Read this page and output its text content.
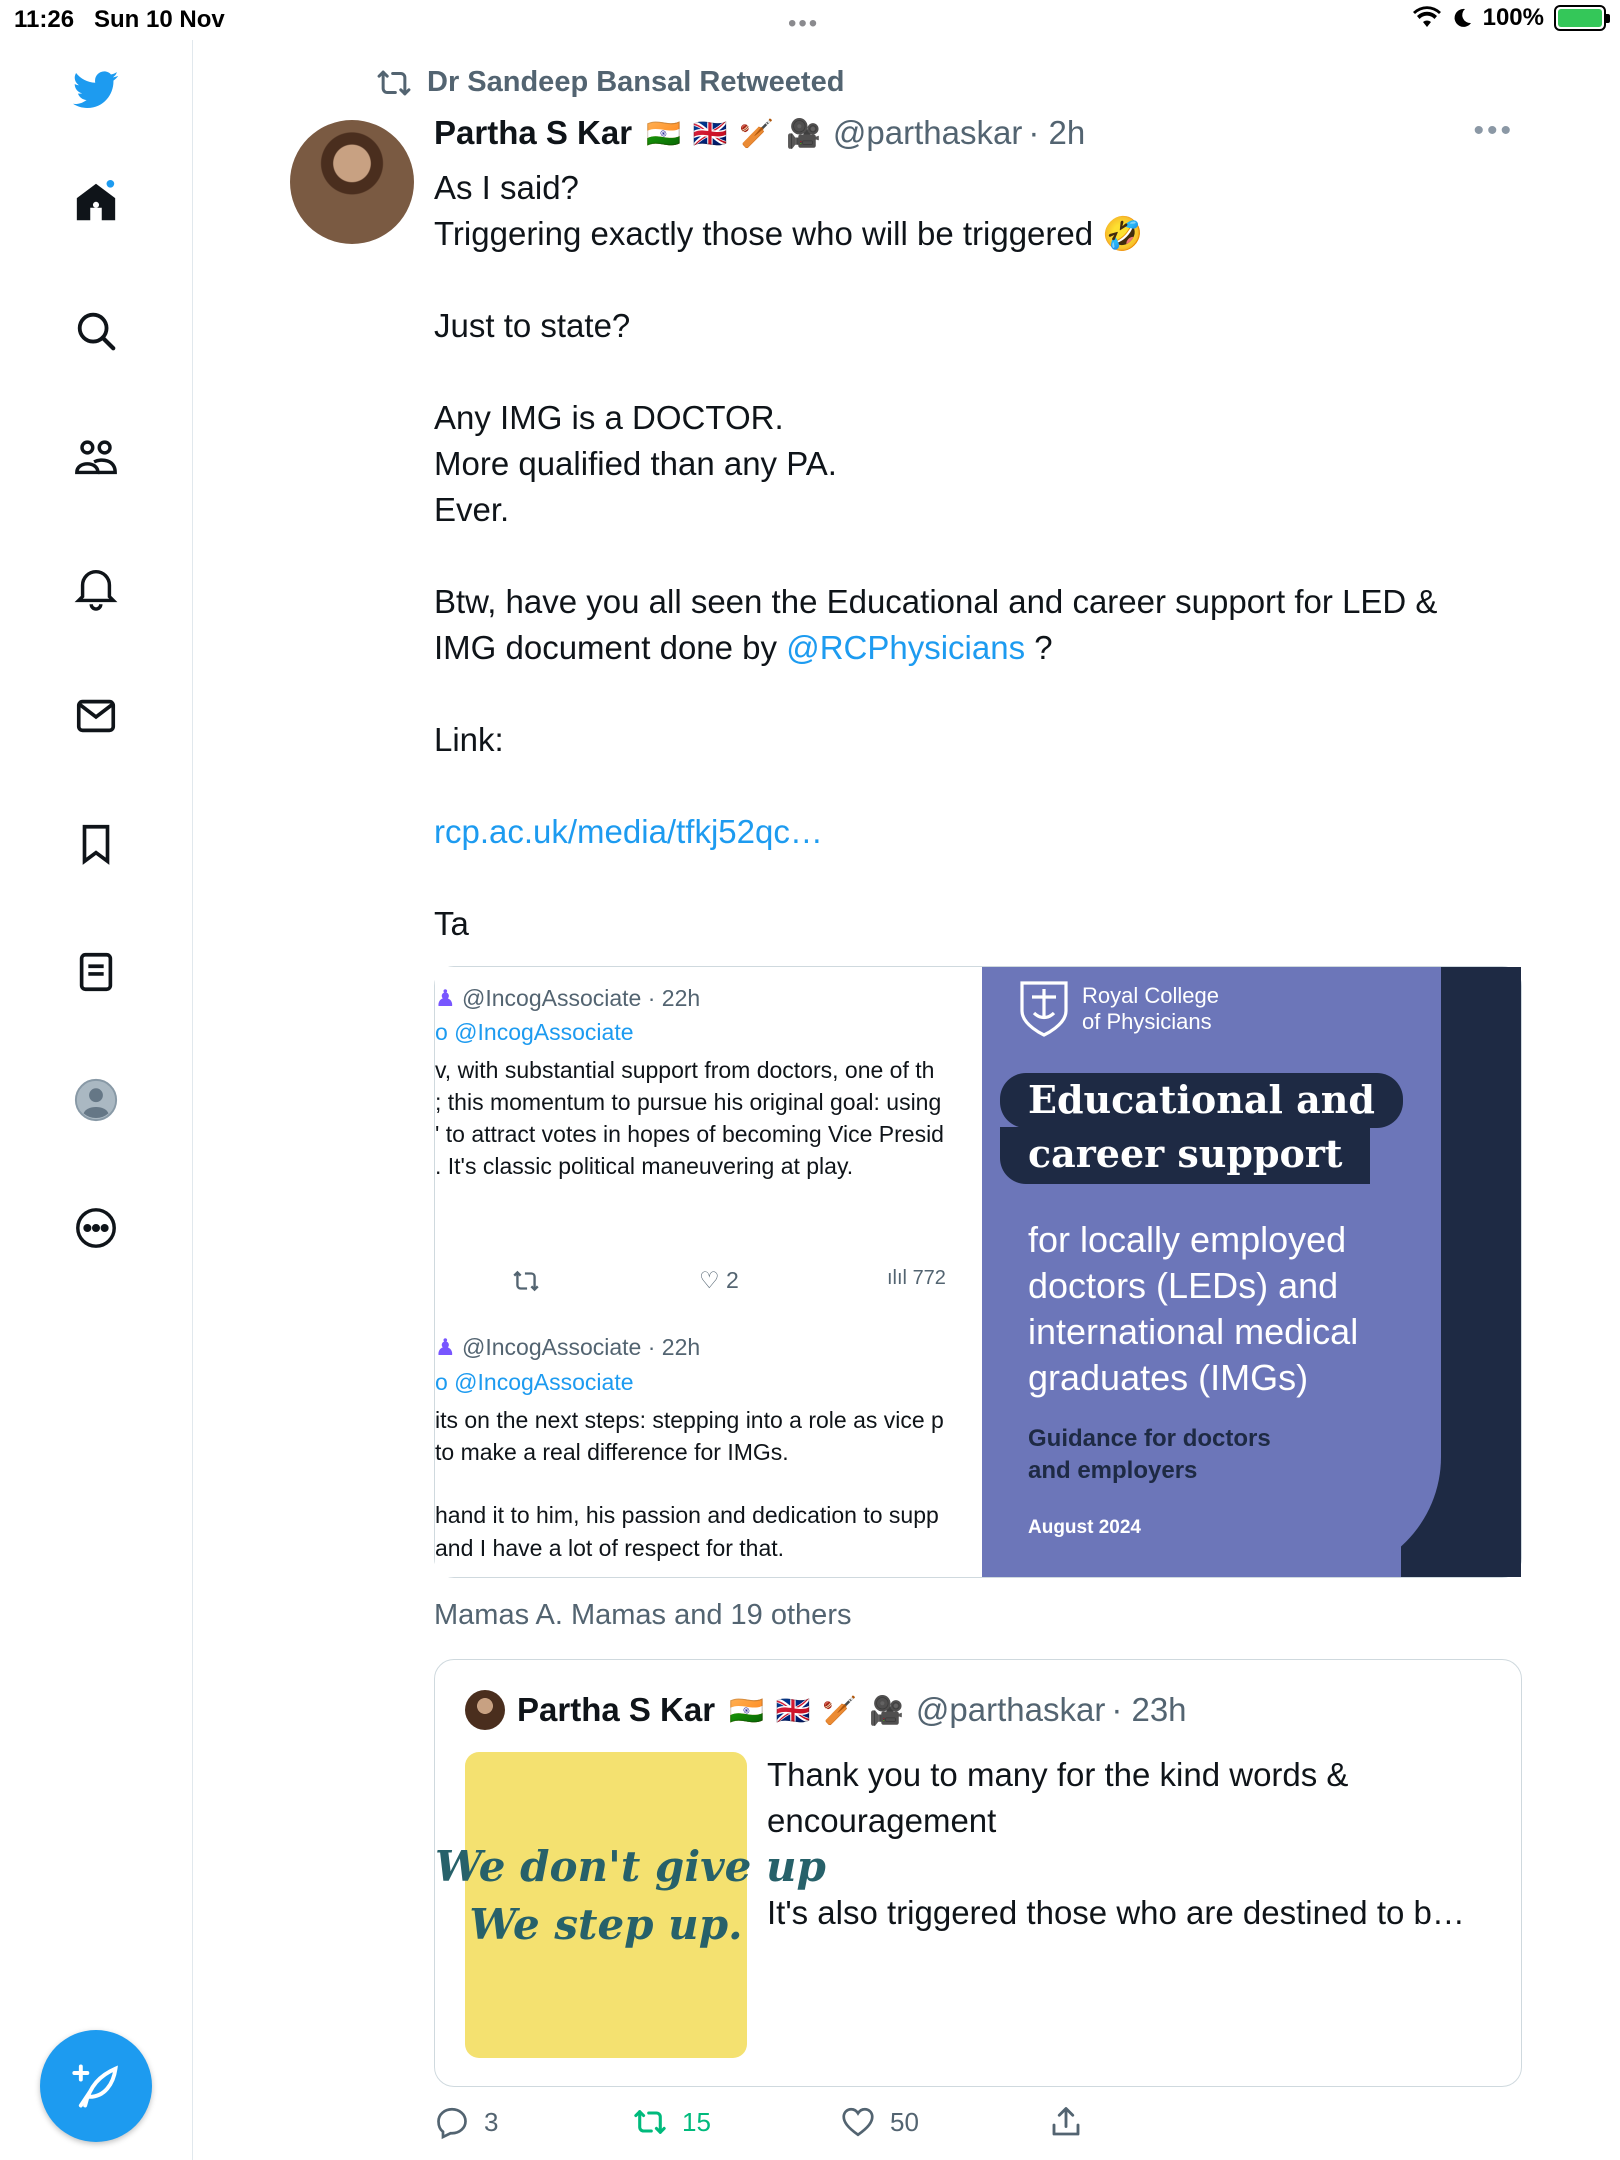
11:26 Sun 10 Nov	•••	100%
Dr Sandeep Bansal Retweeted
Partha S Kar 🇮🇳 🇬🇧 🏏 🎥 @parthaskar · 2h	•••

As I said?

Triggering exactly those who will be triggered 🤣

Just to state?

Any IMG is a DOCTOR.

More qualified than any PA.

Ever.

Btw, have you all seen the Educational and career support for LED &

IMG document done by @RCPhysicians ?

Link:

rcp.ac.uk/media/tfkj52qc…

Ta

♟ @IncogAssociate · 22h
o @IncogAssociate
v, with substantial support from doctors, one of th
; this momentum to pursue his original goal: using
' to attract votes in hopes of becoming Vice Presid
. It's classic political maneuvering at play.
♡ 2	ılıl 772
♟ @IncogAssociate · 22h
o @IncogAssociate
its on the next steps: stepping into a role as vice p
to make a real difference for IMGs.
hand it to him, his passion and dedication to supp
and I have a lot of respect for that.
Royal College
of Physicians
Educational and
career support
for locally employed doctors (LEDs) and international medical graduates (IMGs)
Guidance for doctors
and employers
August 2024
Mamas A. Mamas and 19 others
Partha S Kar 🇮🇳 🇬🇧 🏏 🎥 @parthaskar · 23h
We don't give up
We step up.

Thank you to many for the kind words &

encouragement

It's also triggered those who are destined to b…

3	15	50
